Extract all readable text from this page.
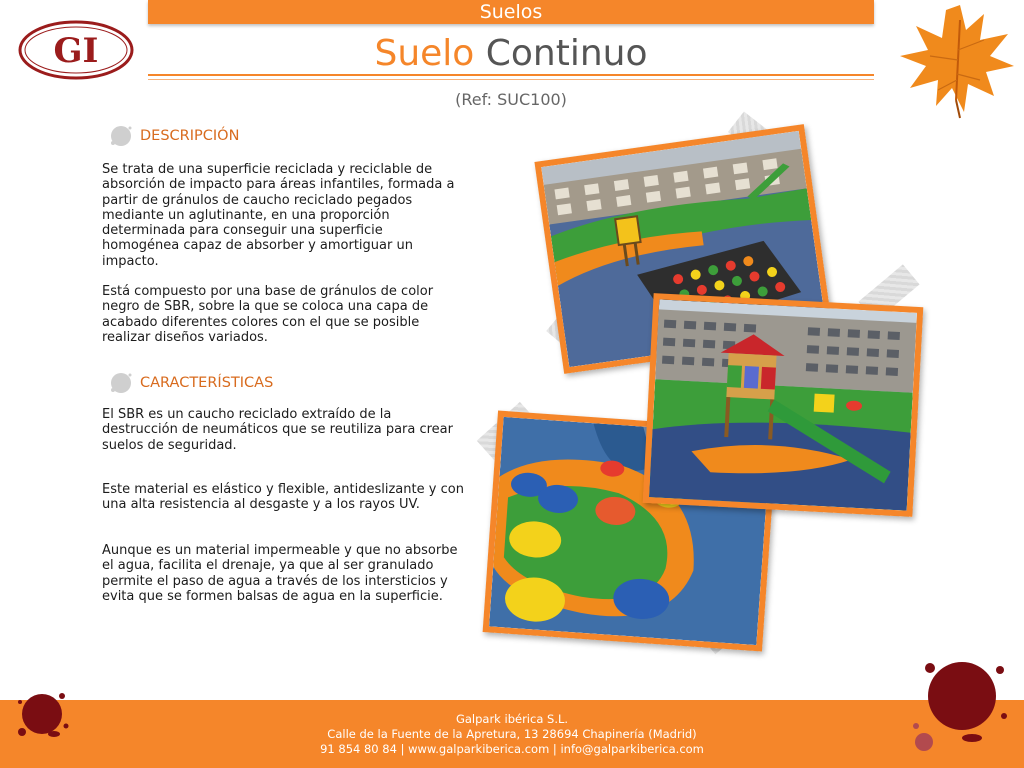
Suelos
GI	Suelo Continuo
(Ref: SUC100)
DESCRIPCIÓN
Se trata de una superficie reciclada y reciclable de absorción de impacto para áreas infantiles, formada a partir de gránulos de caucho reciclado pegados mediante un aglutinante, en una proporción determinada para conseguir una superficie homogénea capaz de absorber y amortiguar un impacto.
Está compuesto por una base de gránulos de color negro de SBR, sobre la que se coloca una capa de acabado diferentes colores con el que se posible realizar diseños variados.
CARACTERÍSTICAS
El SBR es un caucho reciclado extraído de la destrucción de neumáticos que se reutiliza para crear suelos de seguridad.
Este material es elástico y flexible, antideslizante y con una alta resistencia al desgaste y a los rayos UV.
Aunque es un material impermeable y que no absorbe el agua, facilita el drenaje, ya que al ser granulado permite el paso de agua a través de los intersticios y evita que se formen balsas de agua en la superficie.
Galpark ibérica S.L.
Calle de la Fuente de la Apretura, 13 28694 Chapinería (Madrid)
91 854 80 84 | www.galparkiberica.com | info@galparkiberica.com
